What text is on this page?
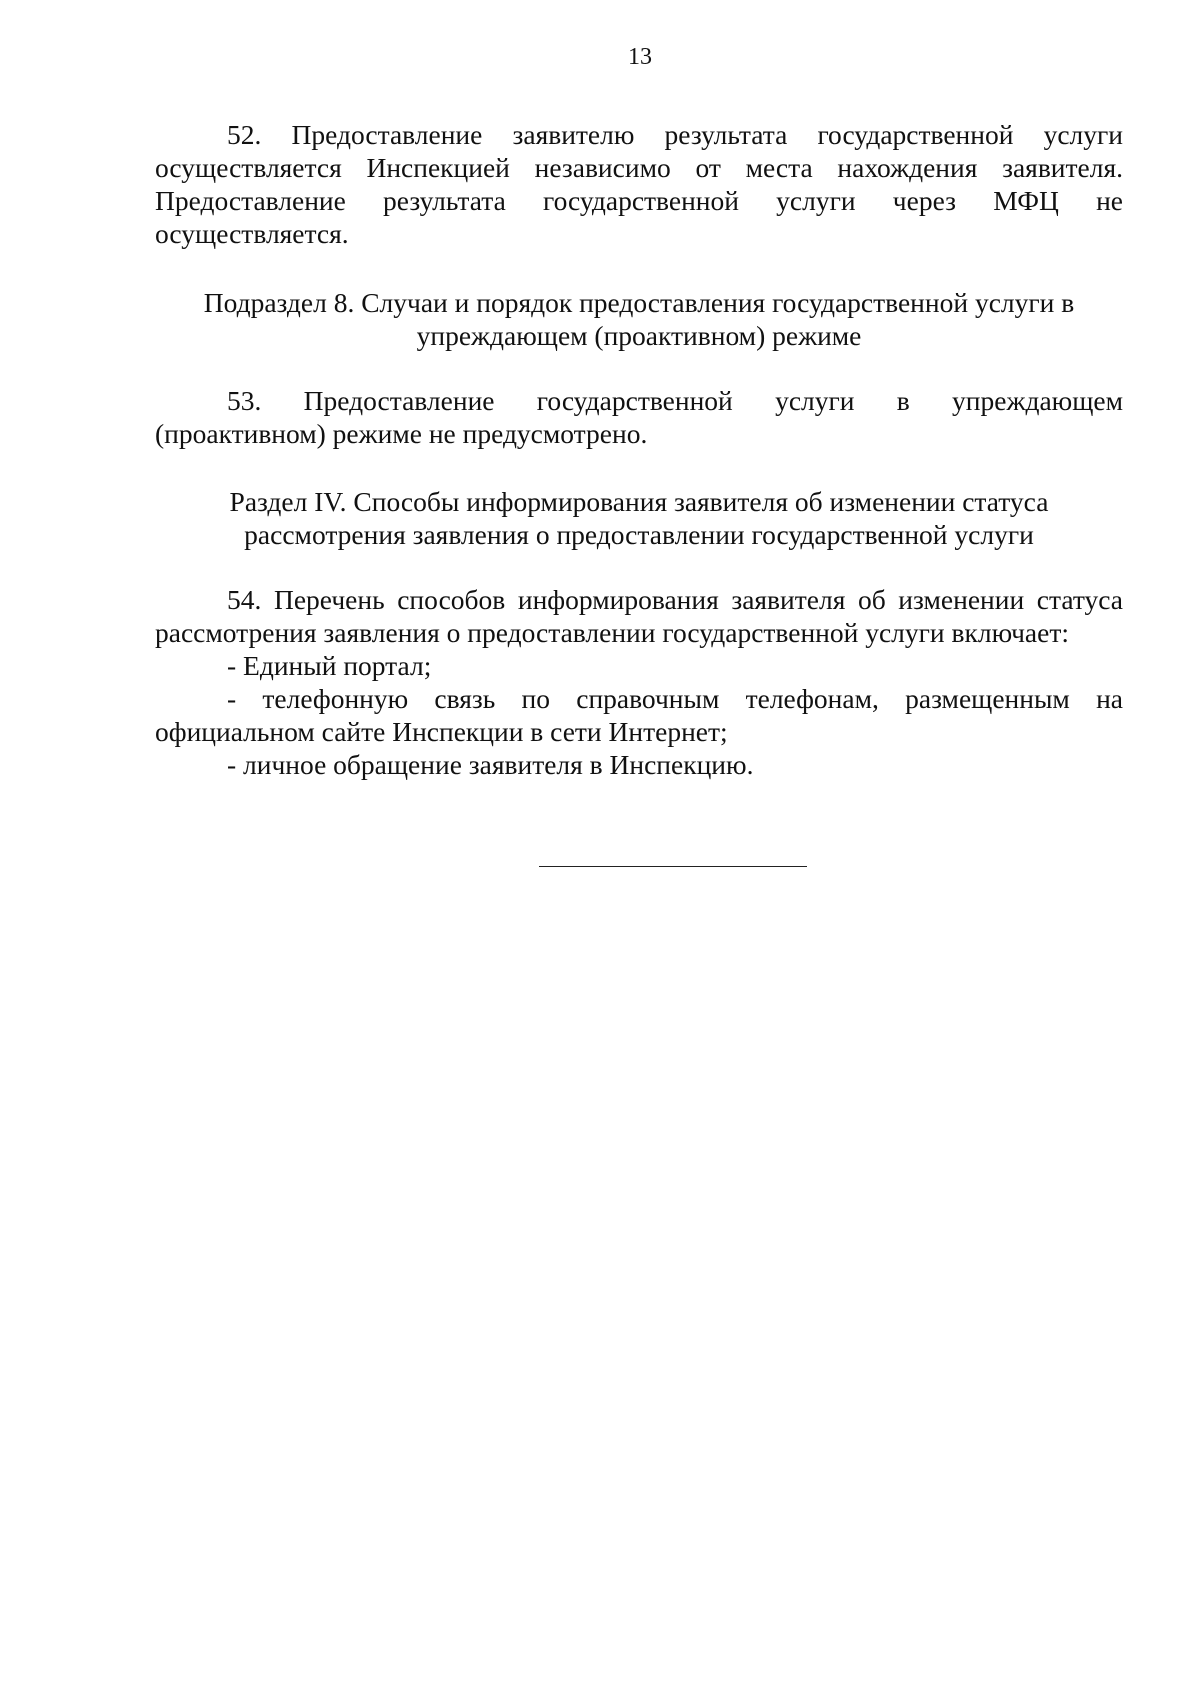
13

52. Предоставление заявителю результата государственной услуги осуществляется Инспекцией независимо от места нахождения заявителя. Предоставление результата государственной услуги через МФЦ не осуществляется.

Подраздел 8. Случаи и порядок предоставления государственной услуги в

упреждающем (проактивном) режиме

53. Предоставление государственной услуги в упреждающем (проактивном) режиме не предусмотрено.

Раздел IV. Способы информирования заявителя об изменении статуса

рассмотрения заявления о предоставлении государственной услуги

54. Перечень способов информирования заявителя об изменении статуса рассмотрения заявления о предоставлении государственной услуги включает:

- Единый портал;

- телефонную связь по справочным телефонам, размещенным на официальном сайте Инспекции в сети Интернет;

- личное обращение заявителя в Инспекцию.
